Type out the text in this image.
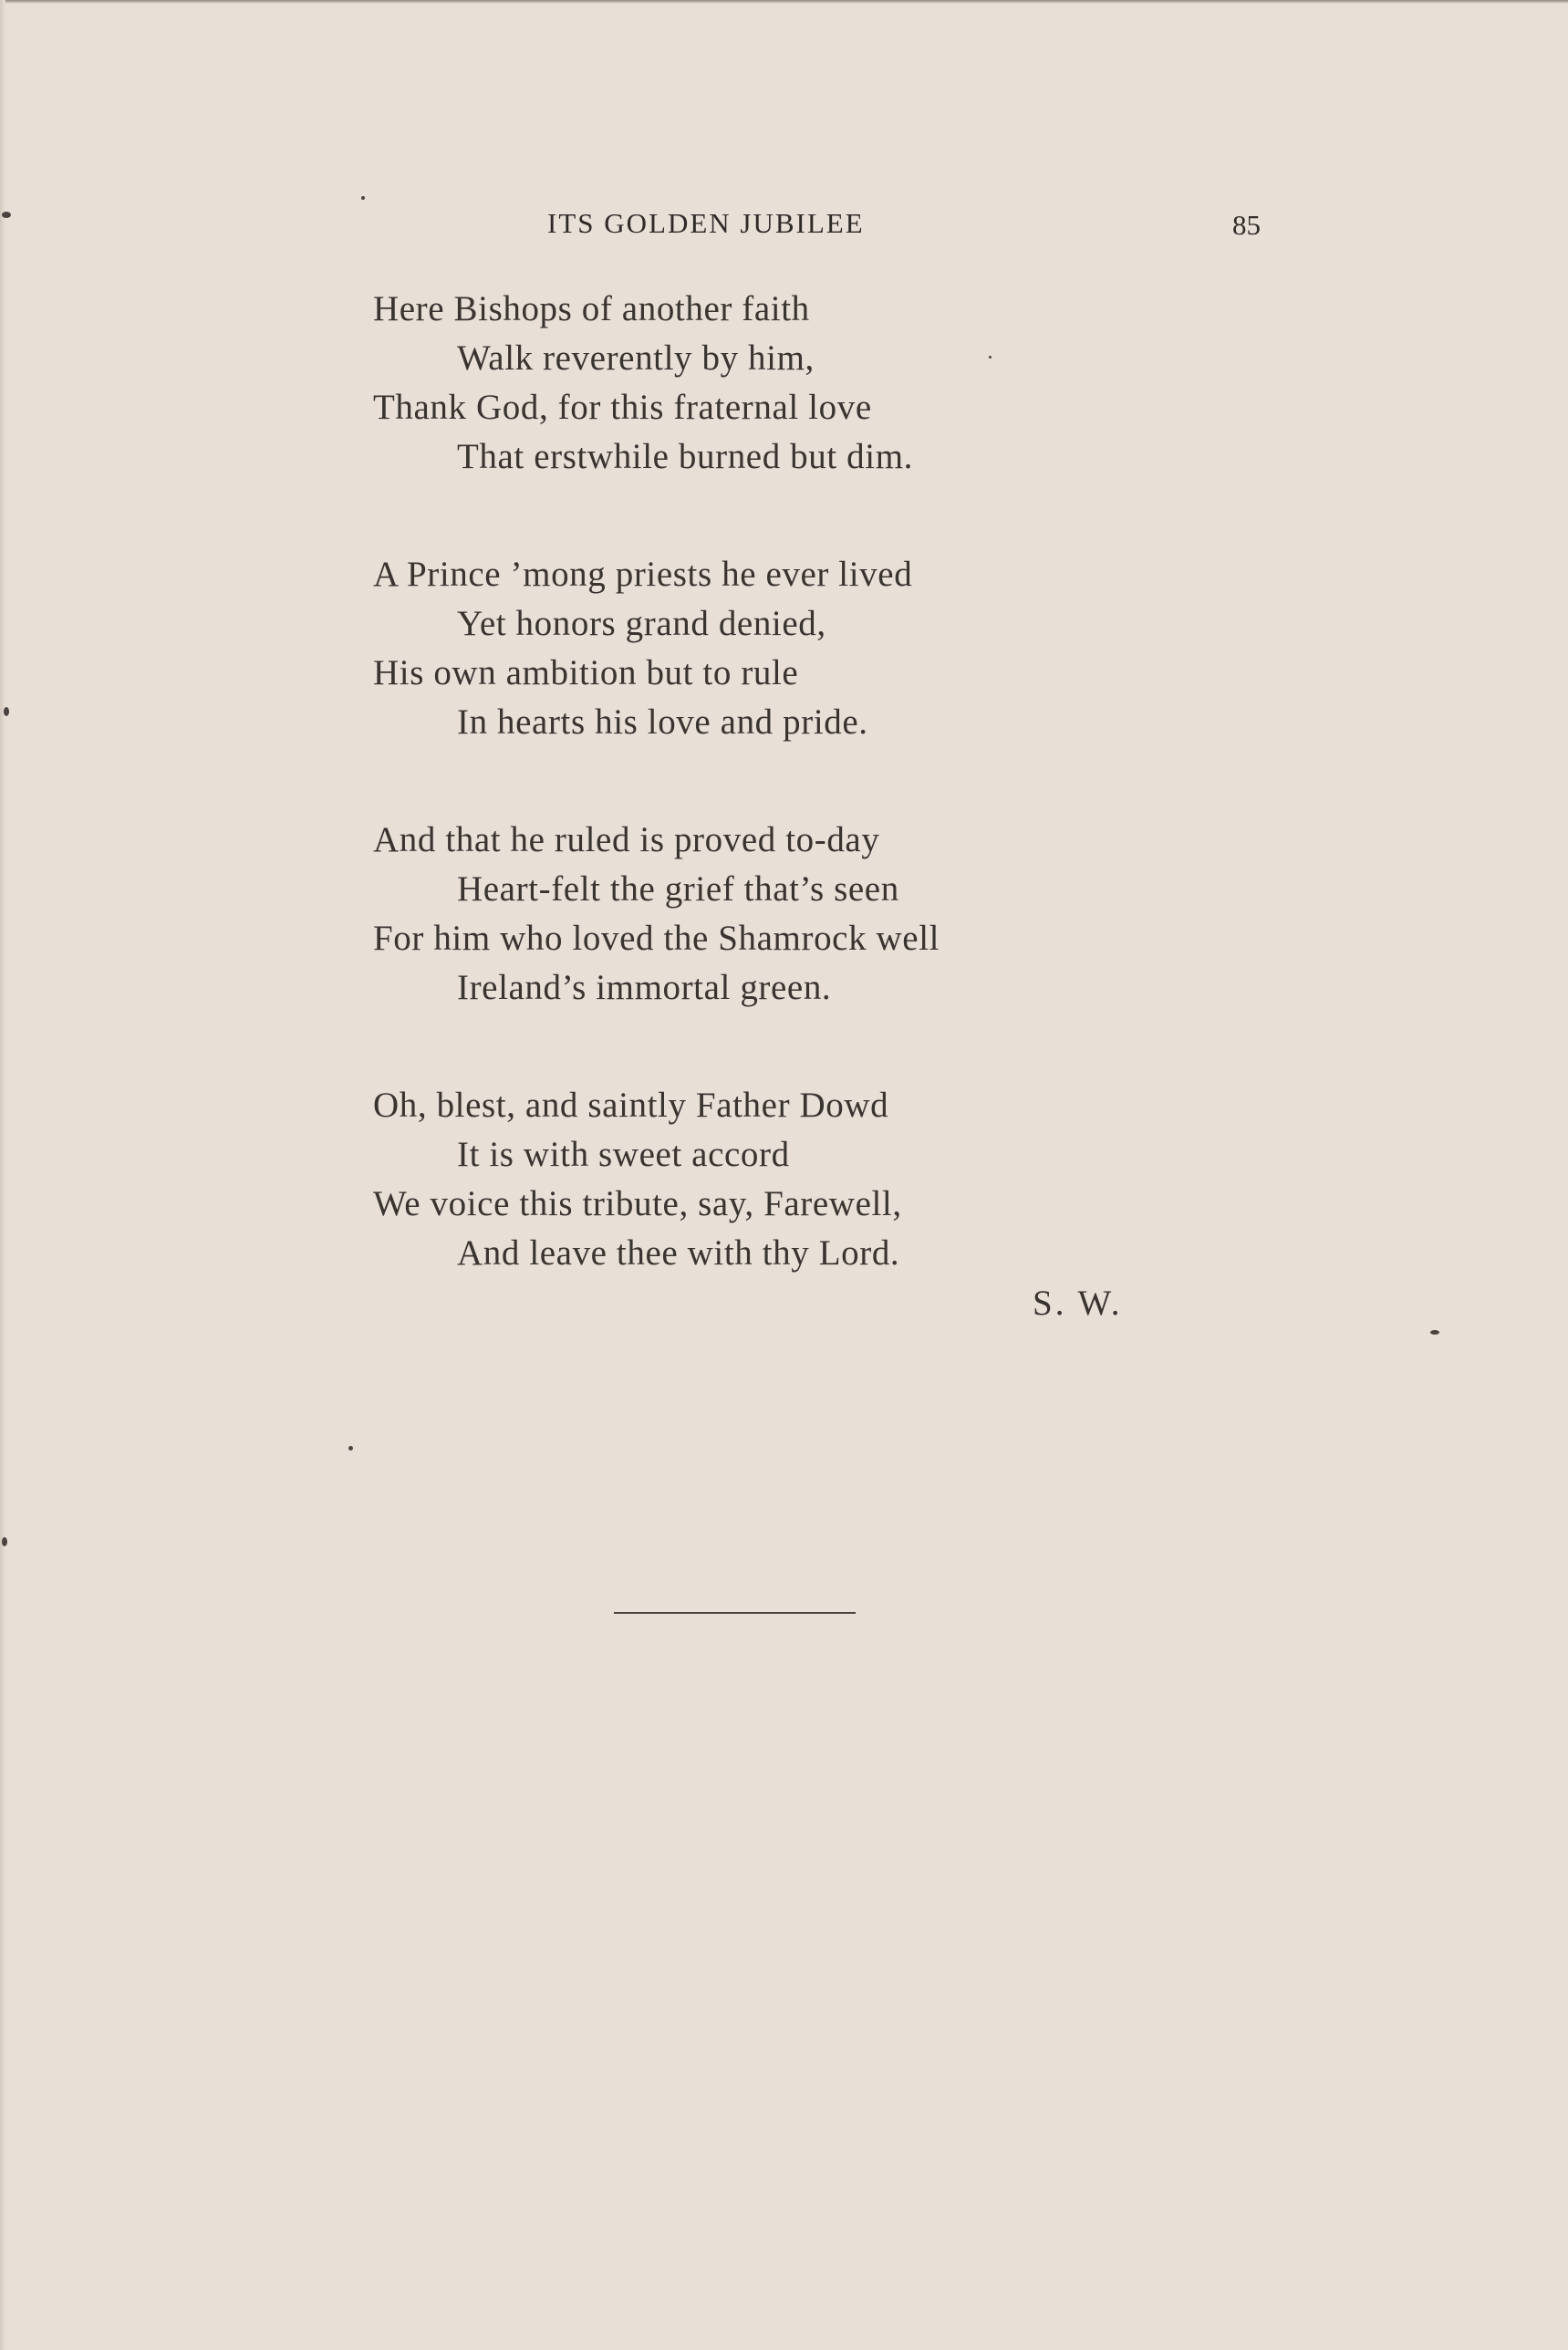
ITS GOLDEN JUBILEE	85
Here Bishops of another faith
Walk reverently by him,
Thank God, for this fraternal love
That erstwhile burned but dim.
A Prince ’mong priests he ever lived
Yet honors grand denied,
His own ambition but to rule
In hearts his love and pride.
And that he ruled is proved to-day
Heart-felt the grief that’s seen
For him who loved the Shamrock well
Ireland’s immortal green.
Oh, blest, and saintly Father Dowd
It is with sweet accord
We voice this tribute, say, Farewell,
And leave thee with thy Lord.
S. W.
